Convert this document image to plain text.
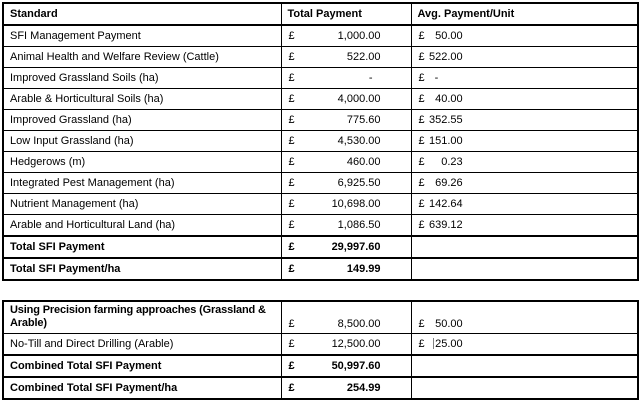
Standard	Total Payment	Avg. Payment/Unit
SFI Management Payment	£ 1,000.00	£ 50.00

Animal Health and Welfare Review (Cattle)	£ 522.00	£ 522.00

Improved Grassland Soils (ha)	£ -	£ -

Arable & Horticultural Soils (ha)	£ 4,000.00	£ 40.00

Improved Grassland (ha)	£ 775.60	£ 352.55

Low Input Grassland (ha)	£ 4,530.00	£ 151.00

Hedgerows (m)	£ 460.00	£ 0.23

Integrated Pest Management (ha)	£ 6,925.50	£ 69.26

Nutrient Management (ha)	£ 10,698.00	£ 142.64

Arable and Horticultural Land (ha)	£ 1,086.50	£ 639.12

Total SFI Payment	£ 29,997.60	

Total SFI Payment/ha	£ 149.99	

Using Precision farming approaches (Grassland & Arable)	£ 8,500.00	£ 50.00

No-Till and Direct Drilling (Arable)	£ 12,500.00	£ 25.00

Combined Total SFI Payment	£ 50,997.60	

Combined Total SFI Payment/ha	£ 254.99	
